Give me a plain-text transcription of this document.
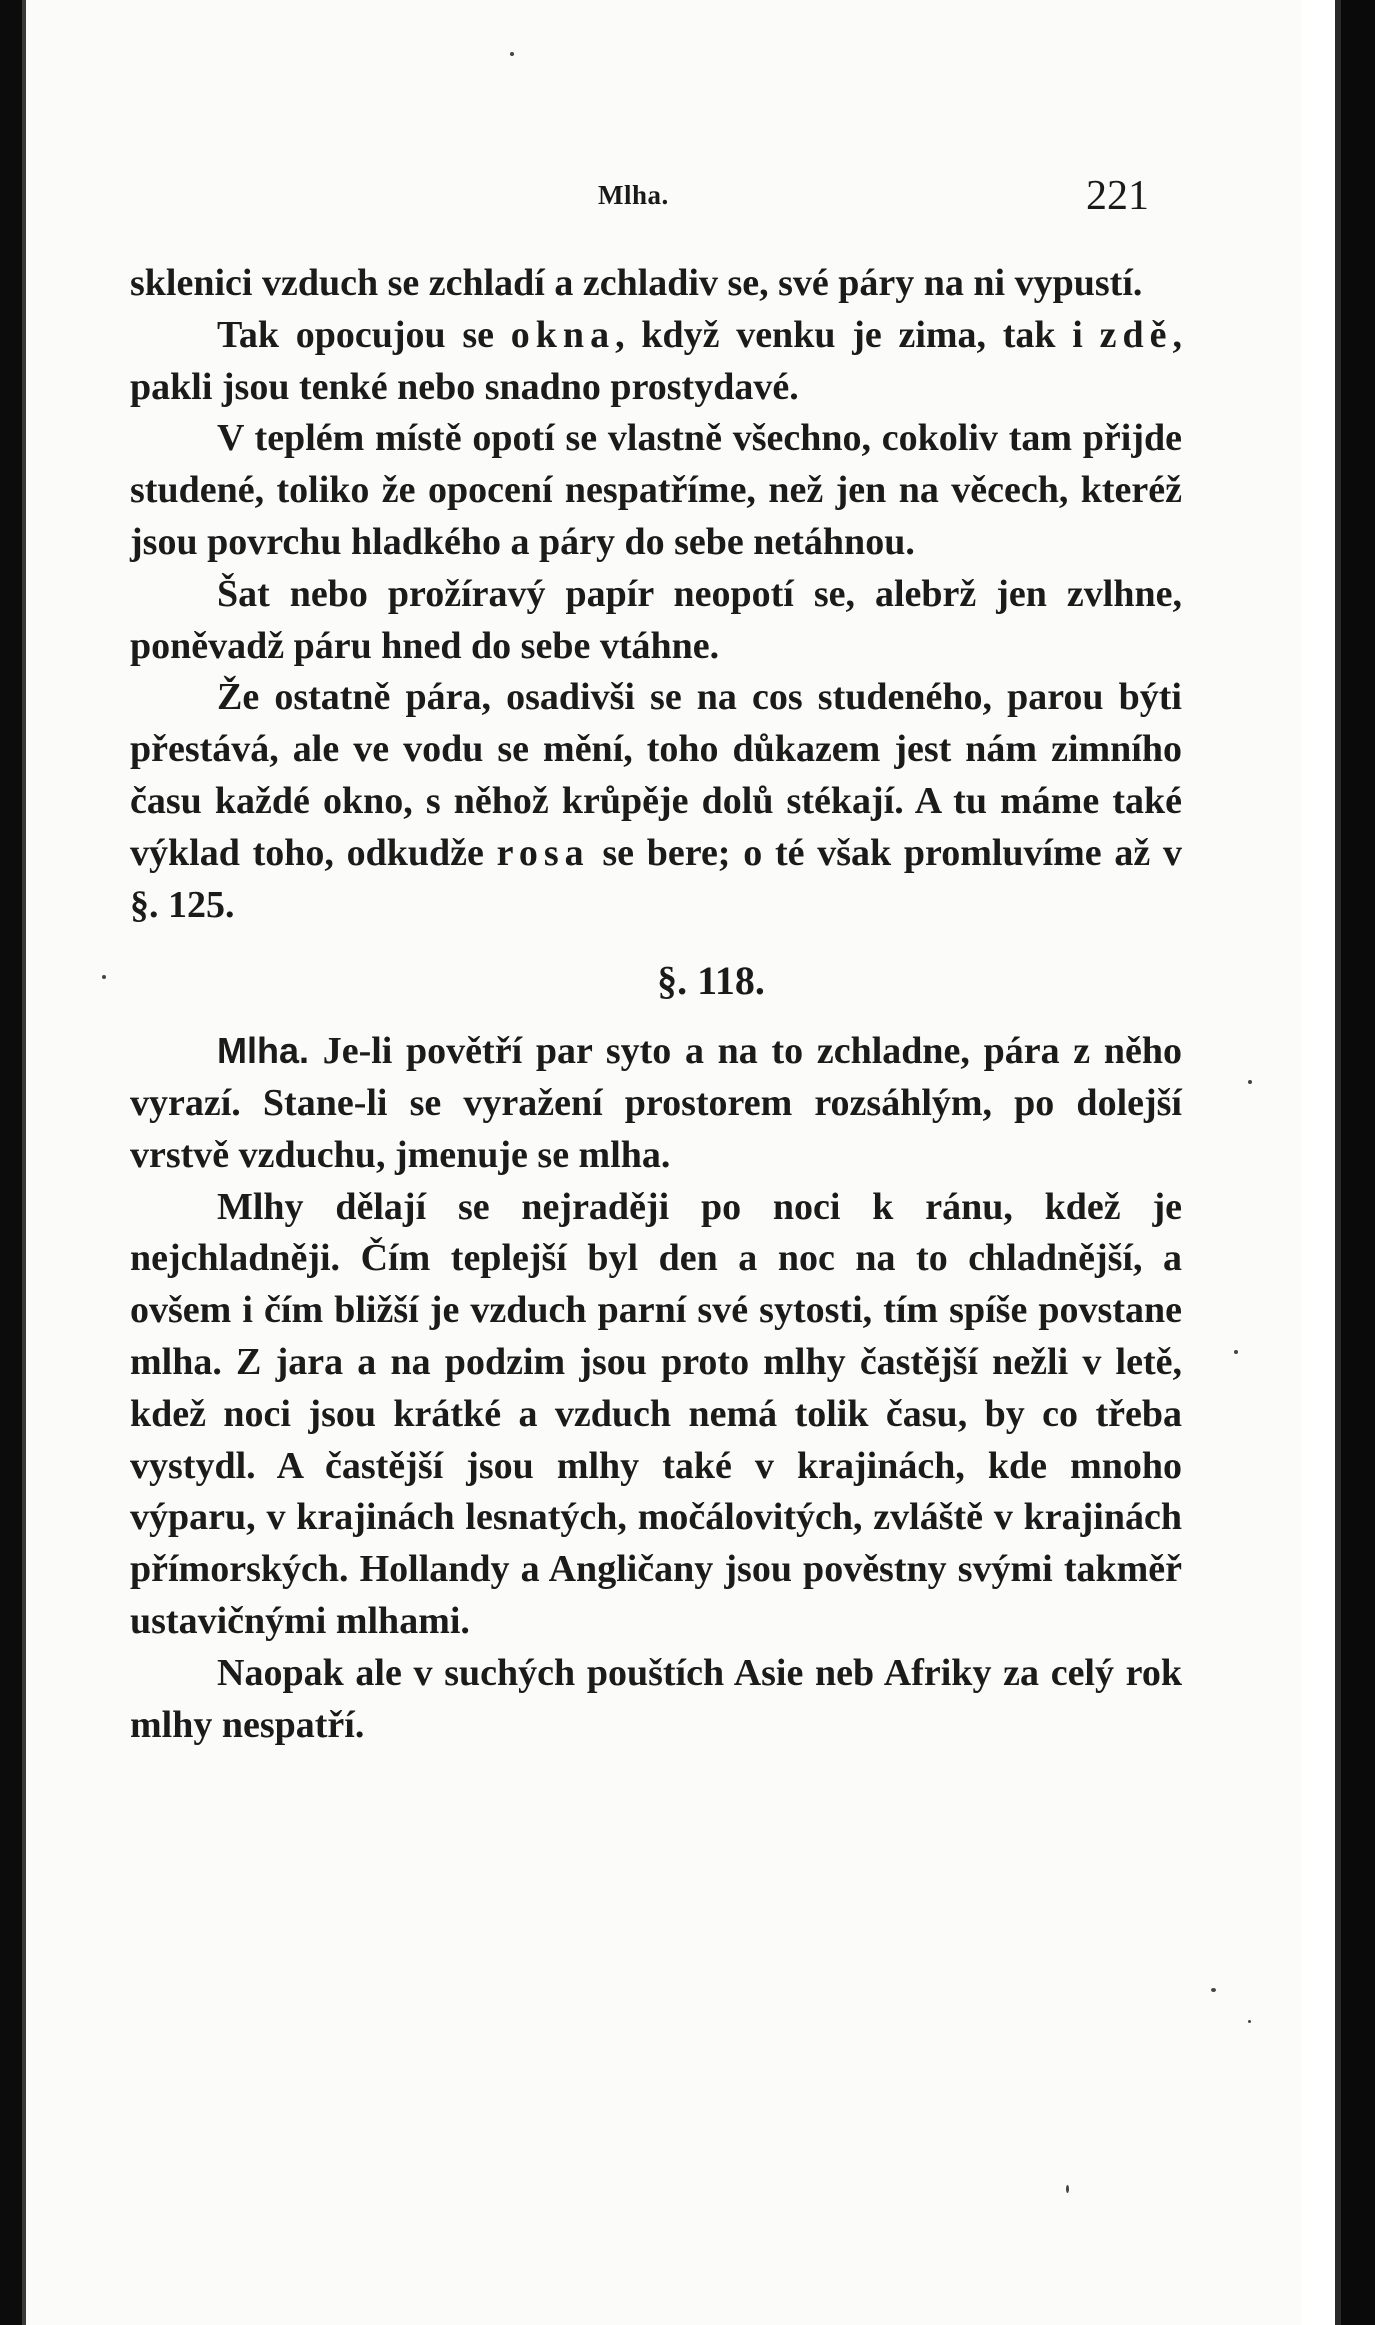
Mlha.	221

sklenici vzduch se zchladí a zchladiv se, své páry na ni vypustí.

Tak opocujou se okna, když venku je zima, tak i zdě, pakli jsou tenké nebo snadno prostydavé.

V teplém místě opotí se vlastně všechno, cokoliv tam přijde studené, toliko že opocení nespatříme, než jen na věcech, kteréž jsou povrchu hladkého a páry do sebe netáhnou.

Šat nebo prožíravý papír neopotí se, alebrž jen zvlhne, poněvadž páru hned do sebe vtáhne.

Že ostatně pára, osadivši se na cos studeného, parou býti přestává, ale ve vodu se mění, toho důkazem jest nám zimního času každé okno, s něhož krůpěje dolů stékají. A tu máme také výklad toho, odkudže rosa se bere; o té však promluvíme až v §. 125.

§. 118.

Mlha. Je-li povětří par syto a na to zchladne, pára z něho vyrazí. Stane-li se vyražení prostorem rozsáhlým, po dolejší vrstvě vzduchu, jmenuje se mlha.

Mlhy dělají se nejraději po noci k ránu, kdež je nejchladněji. Čím teplejší byl den a noc na to chladnější, a ovšem i čím bližší je vzduch parní své sytosti, tím spíše povstane mlha. Z jara a na podzim jsou proto mlhy častější nežli v letě, kdež noci jsou krátké a vzduch nemá tolik času, by co třeba vystydl. A častější jsou mlhy také v krajinách, kde mnoho výparu, v krajinách lesnatých, močálovitých, zvláště v krajinách přímorských. Hollandy a Angličany jsou pověstny svými takměř ustavičnými mlhami.

Naopak ale v suchých pouštích Asie neb Afriky za celý rok mlhy nespatří.
